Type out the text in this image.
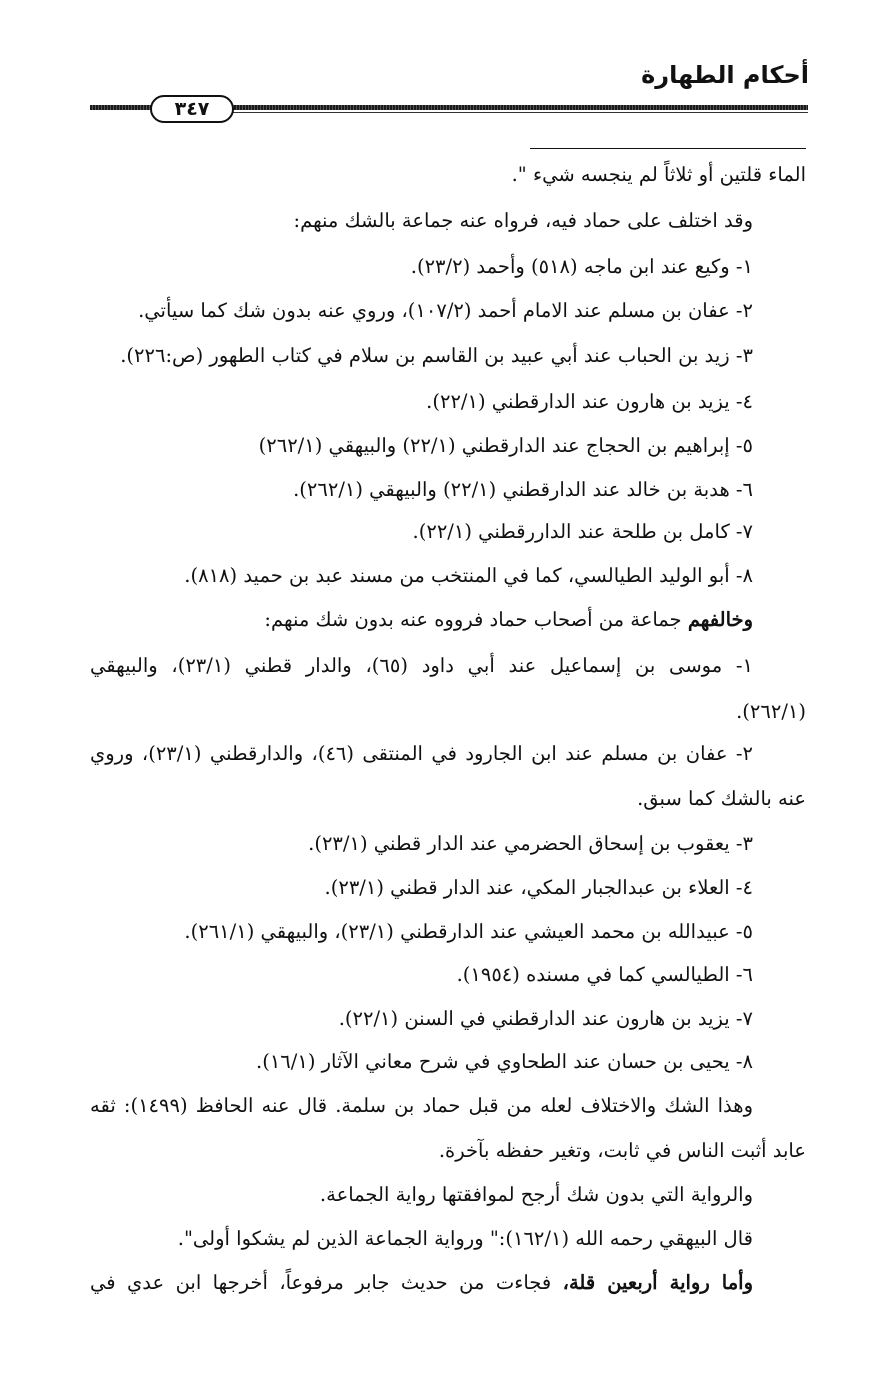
أحكام الطهارة
٣٤٧
الماء قلتين أو ثلاثاً لم ينجسه شيء ".
وقد اختلف على حماد فيه، فرواه عنه جماعة بالشك منهم:
١- وكيع عند ابن ماجه (٥١٨) وأحمد (٢٣/٢).
٢- عفان بن مسلم عند الامام أحمد (١٠٧/٢)، وروي عنه بدون شك كما سيأتي.
٣- زيد بن الحباب عند أبي عبيد بن القاسم بن سلام في كتاب الطهور (ص:٢٢٦).
٤- يزيد بن هارون عند الدارقطني (٢٢/١).
٥- إبراهيم بن الحجاج عند الدارقطني (٢٢/١) والبيهقي (٢٦٢/١)
٦- هدبة بن خالد عند الدارقطني (٢٢/١) والبيهقي (٢٦٢/١).
٧- كامل بن طلحة عند الداررقطني (٢٢/١).
٨- أبو الوليد الطيالسي، كما في المنتخب من مسند عبد بن حميد (٨١٨).
وخالفهم جماعة من أصحاب حماد فرووه عنه بدون شك منهم:
١- موسى بن إسماعيل عند أبي داود (٦٥)، والدار قطني (٢٣/١)، والبيهقي
(٢٦٢/١).
٢- عفان بن مسلم عند ابن الجارود في المنتقى (٤٦)، والدارقطني (٢٣/١)، وروي
عنه بالشك كما سبق.
٣- يعقوب بن إسحاق الحضرمي عند الدار قطني (٢٣/١).
٤- العلاء بن عبدالجبار المكي، عند الدار قطني (٢٣/١).
٥- عبيدالله بن محمد العيشي عند الدارقطني (٢٣/١)، والبيهقي (٢٦١/١).
٦- الطيالسي كما في مسنده (١٩٥٤).
٧- يزيد بن هارون عند الدارقطني في السنن (٢٢/١).
٨- يحيى بن حسان عند الطحاوي في شرح معاني الآثار (١٦/١).
وهذا الشك والاختلاف لعله من قبل حماد بن سلمة. قال عنه الحافظ (١٤٩٩): ثقه
عابد أثبت الناس في ثابت، وتغير حفظه بآخرة.
والرواية التي بدون شك أرجح لموافقتها رواية الجماعة.
قال البيهقي رحمه الله (١٦٢/١):" ورواية الجماعة الذين لم يشكوا أولى".
وأما رواية أربعين قلة، فجاءت من حديث جابر مرفوعاً، أخرجها ابن عدي في
